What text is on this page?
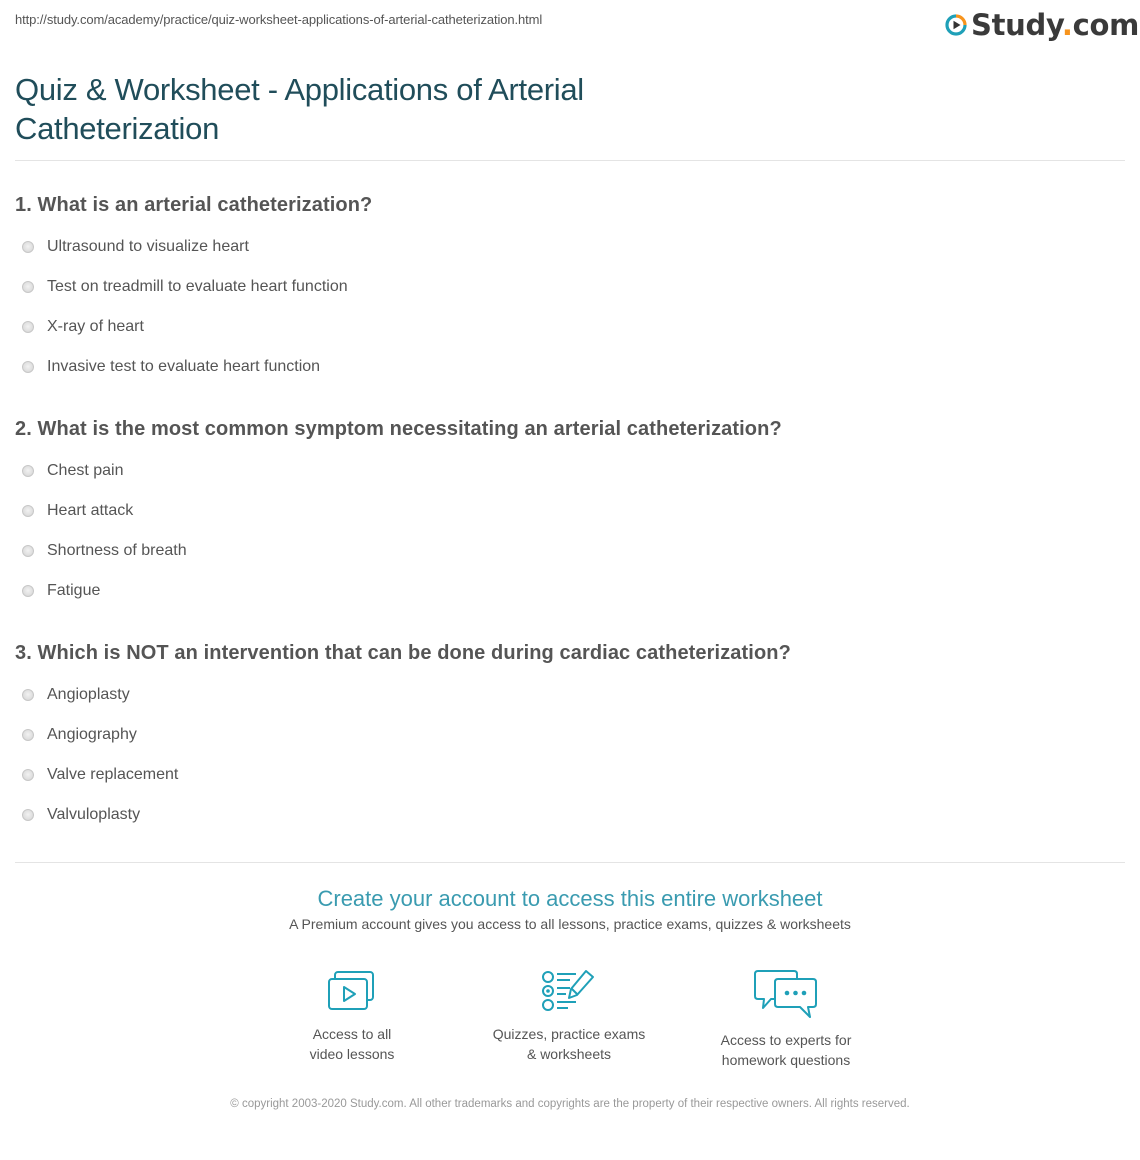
http://study.com/academy/practice/quiz-worksheet-applications-of-arterial-catheterization.html	Study.com
Quiz & Worksheet - Applications of Arterial Catheterization
1. What is an arterial catheterization?
Ultrasound to visualize heart
Test on treadmill to evaluate heart function
X-ray of heart
Invasive test to evaluate heart function
2. What is the most common symptom necessitating an arterial catheterization?
Chest pain
Heart attack
Shortness of breath
Fatigue
3. Which is NOT an intervention that can be done during cardiac catheterization?
Angioplasty
Angiography
Valve replacement
Valvuloplasty
Create your account to access this entire worksheet
A Premium account gives you access to all lessons, practice exams, quizzes & worksheets
Access to all
video lessons
Quizzes, practice exams
& worksheets
Access to experts for
homework questions
© copyright 2003-2020 Study.com. All other trademarks and copyrights are the property of their respective owners. All rights reserved.
